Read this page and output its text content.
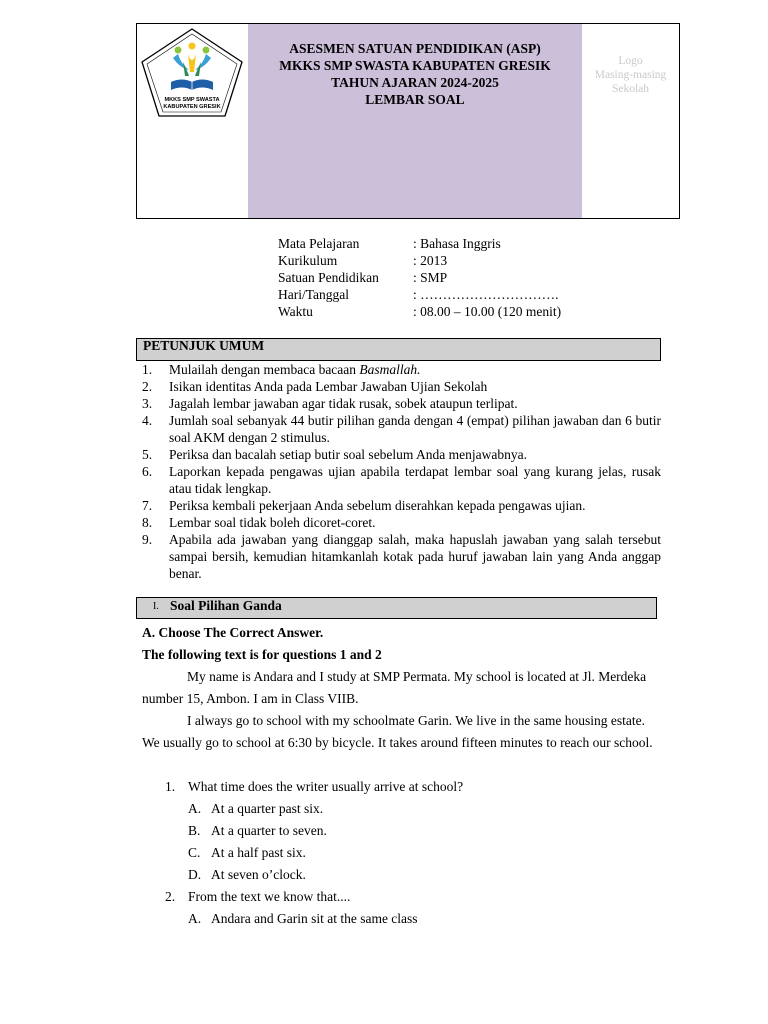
MKKS SMP SWASTA
KABUPATEN GRESIK
ASESMEN SATUAN PENDIDIKAN (ASP)
MKKS SMP SWASTA KABUPATEN GRESIK
TAHUN AJARAN 2024-2025
LEMBAR SOAL
Logo
Masing-masing
Sekolah
Mata Pelajaran	: Bahasa Inggris
Kurikulum	: 2013
Satuan Pendidikan	: SMP
Hari/Tanggal	: ………………………….
Waktu	: 08.00 – 10.00 (120 menit)
PETUNJUK UMUM
1.	Mulailah dengan membaca bacaan Basmallah.
2.	Isikan identitas Anda pada Lembar Jawaban Ujian Sekolah
3.	Jagalah lembar jawaban agar tidak rusak, sobek ataupun terlipat.
4.	Jumlah soal sebanyak 44 butir pilihan ganda dengan 4 (empat) pilihan jawaban dan 6 butir soal AKM dengan 2 stimulus.
5.	Periksa dan bacalah setiap butir soal sebelum Anda menjawabnya.
6.	Laporkan kepada pengawas ujian apabila terdapat lembar soal yang kurang jelas, rusak atau tidak lengkap.
7.	Periksa kembali pekerjaan Anda sebelum diserahkan kepada pengawas ujian.
8.	Lembar soal tidak boleh dicoret-coret.
9.	Apabila ada jawaban yang dianggap salah, maka hapuslah jawaban yang salah tersebut sampai bersih, kemudian hitamkanlah kotak pada huruf jawaban lain yang Anda anggap benar.
I. Soal Pilihan Ganda
A. Choose The Correct Answer.
The following text is for questions 1 and 2
My name is Andara and I study at SMP Permata. My school is located at Jl. Merdeka number 15, Ambon. I am in Class VIIB.
I always go to school with my schoolmate Garin. We live in the same housing estate. We usually go to school at 6:30 by bicycle. It takes around fifteen minutes to reach our school.
1. What time does the writer usually arrive at school?
A. At a quarter past six.
B. At a quarter to seven.
C. At a half past six.
D. At seven o’clock.
2. From the text we know that....
A. Andara and Garin sit at the same class
